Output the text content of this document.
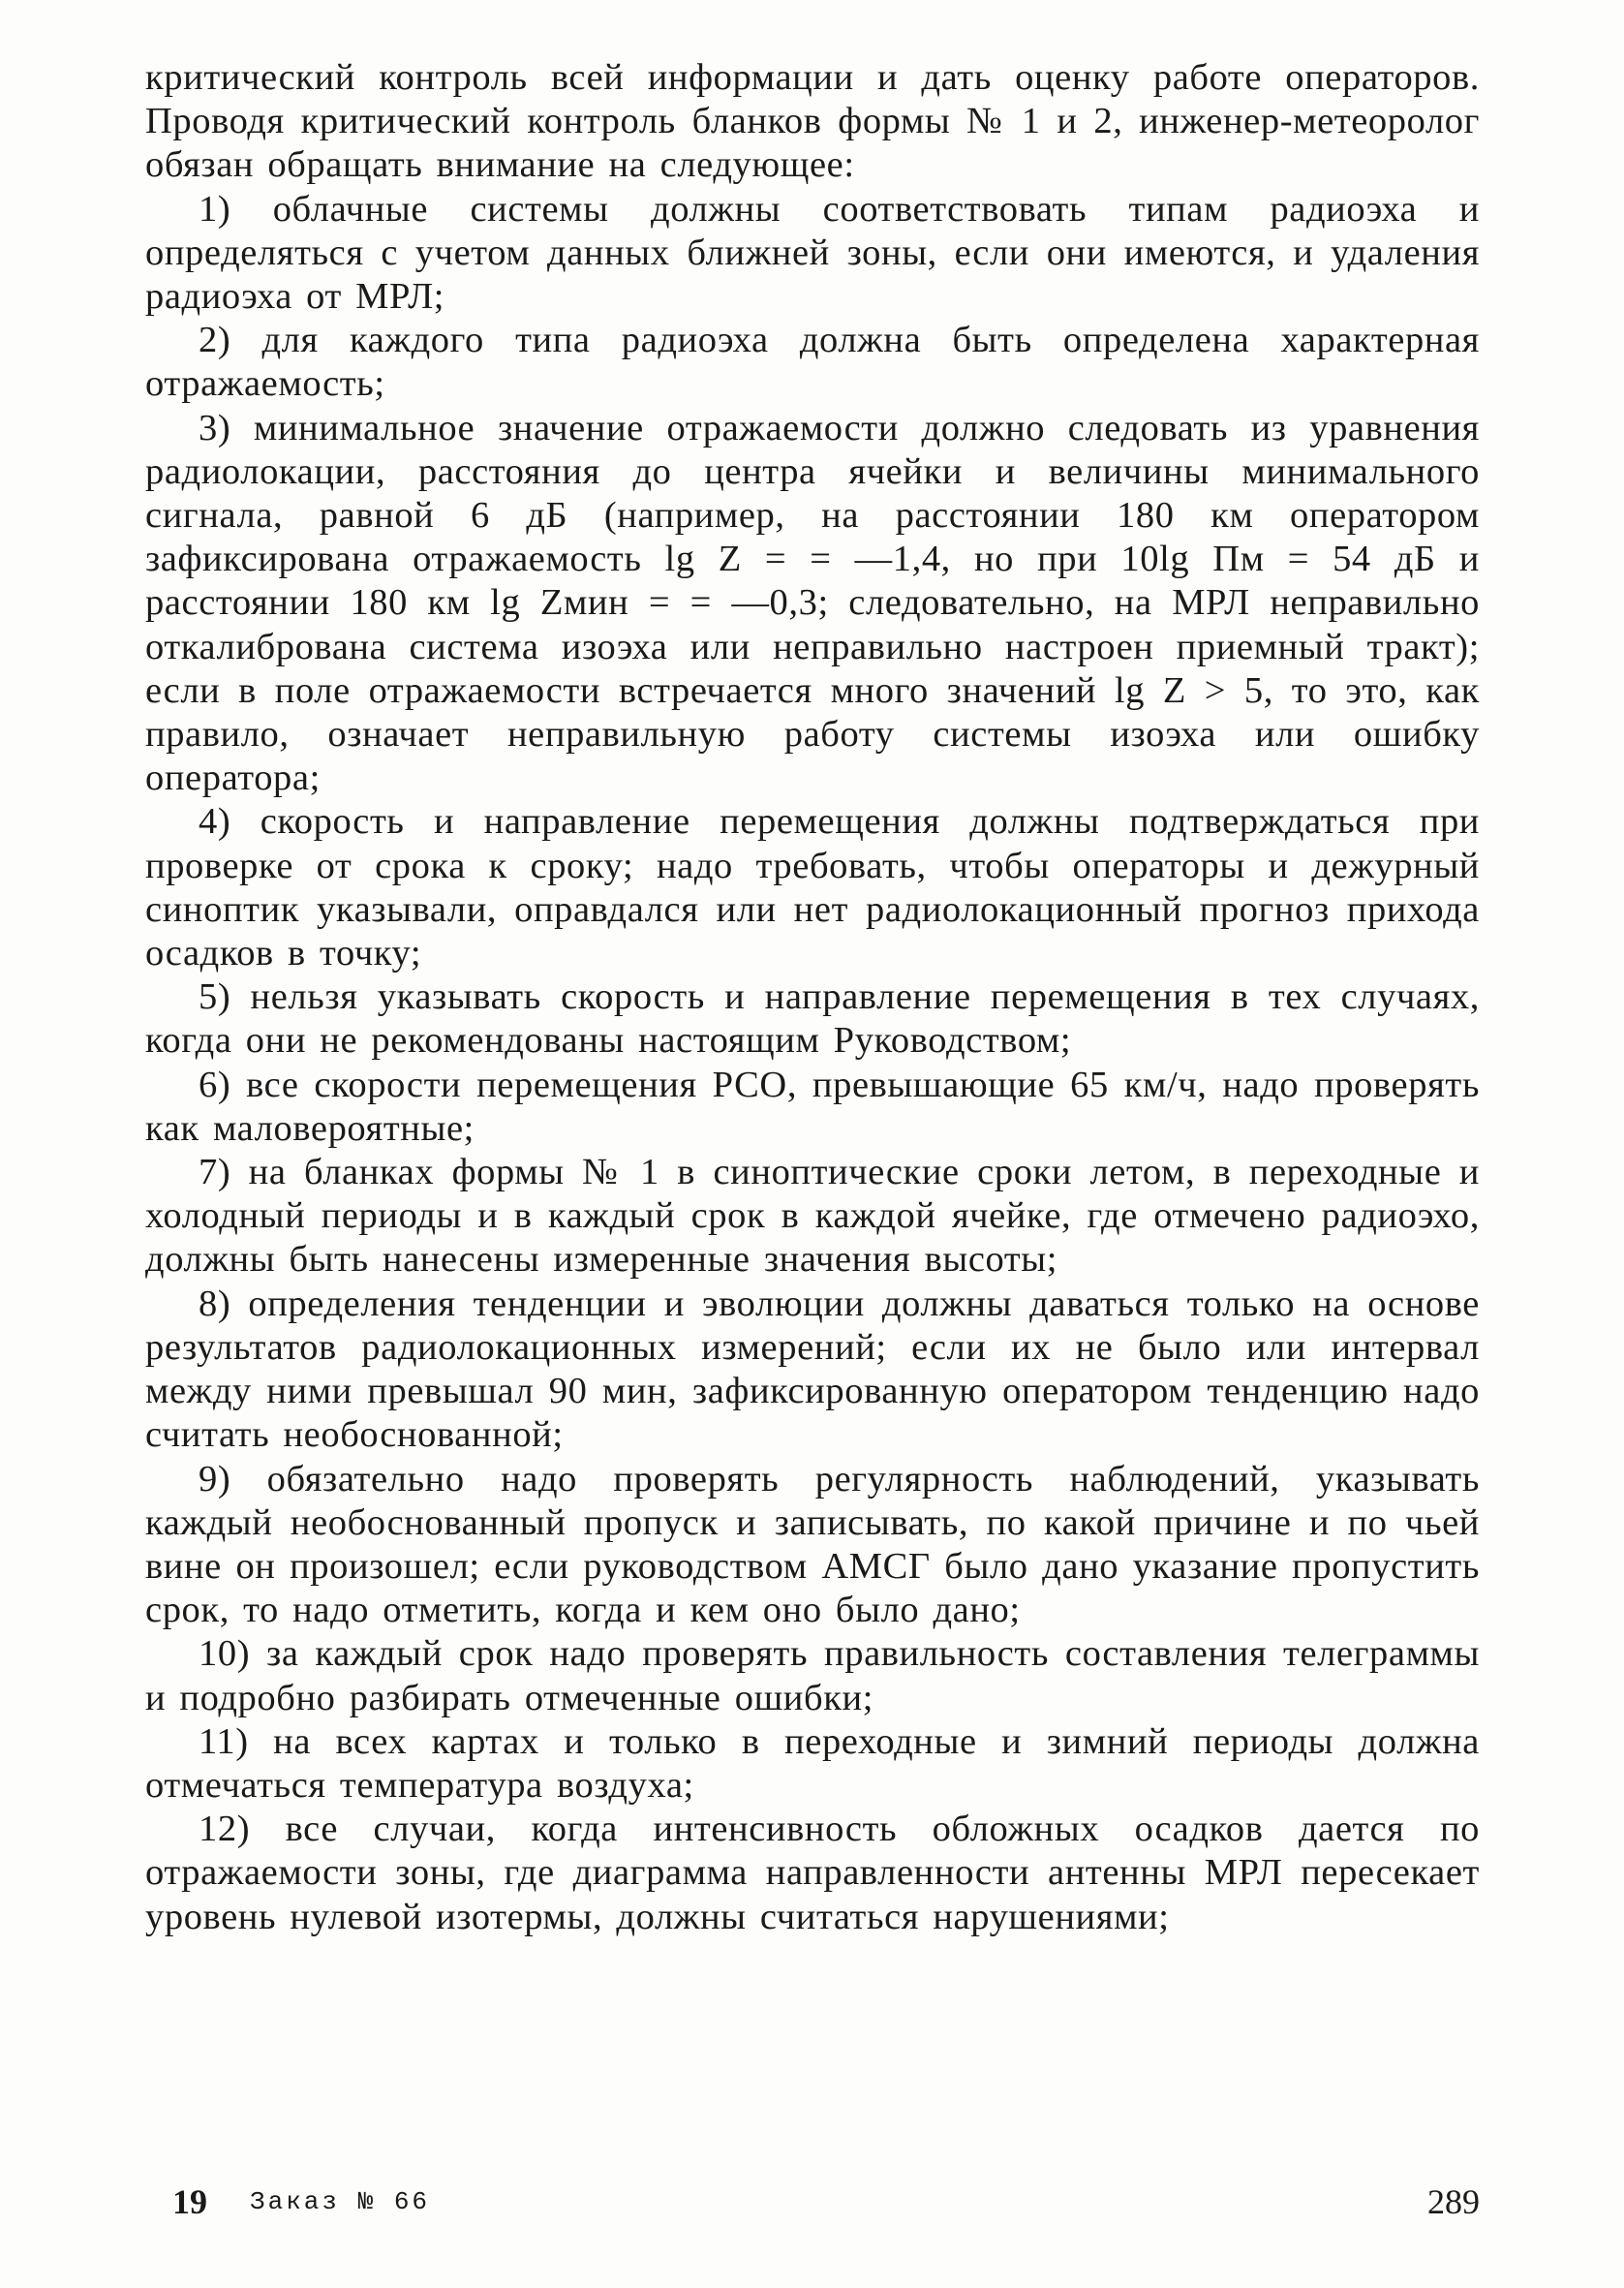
критический контроль всей информации и дать оценку работе операторов. Проводя критический контроль бланков формы № 1 и 2, инженер-метеоролог обязан обращать внимание на следующее:

1) облачные системы должны соответствовать типам радиоэха и определяться с учетом данных ближней зоны, если они имеются, и удаления радиоэха от МРЛ;

2) для каждого типа радиоэха должна быть определена характерная отражаемость;

3) минимальное значение отражаемости должно следовать из уравнения радиолокации, расстояния до центра ячейки и величины минимального сигнала, равной 6 дБ (например, на расстоянии 180 км оператором зафиксирована отражаемость lg Z = = —1,4, но при 10lg Пм = 54 дБ и расстоянии 180 км lg Zмин = = —0,3; следовательно, на МРЛ неправильно откалибрована система изоэха или неправильно настроен приемный тракт); если в поле отражаемости встречается много значений lg Z > 5, то это, как правило, означает неправильную работу системы изоэха или ошибку оператора;

4) скорость и направление перемещения должны подтверждаться при проверке от срока к сроку; надо требовать, чтобы операторы и дежурный синоптик указывали, оправдался или нет радиолокационный прогноз прихода осадков в точку;

5) нельзя указывать скорость и направление перемещения в тех случаях, когда они не рекомендованы настоящим Руководством;

6) все скорости перемещения РСО, превышающие 65 км/ч, надо проверять как маловероятные;

7) на бланках формы № 1 в синоптические сроки летом, в переходные и холодный периоды и в каждый срок в каждой ячейке, где отмечено радиоэхо, должны быть нанесены измеренные значения высоты;

8) определения тенденции и эволюции должны даваться только на основе результатов радиолокационных измерений; если их не было или интервал между ними превышал 90 мин, зафиксированную оператором тенденцию надо считать необоснованной;

9) обязательно надо проверять регулярность наблюдений, указывать каждый необоснованный пропуск и записывать, по какой причине и по чьей вине он произошел; если руководством АМСГ было дано указание пропустить срок, то надо отметить, когда и кем оно было дано;

10) за каждый срок надо проверять правильность составления телеграммы и подробно разбирать отмеченные ошибки;

11) на всех картах и только в переходные и зимний периоды должна отмечаться температура воздуха;

12) все случаи, когда интенсивность обложных осадков дается по отражаемости зоны, где диаграмма направленности антенны МРЛ пересекает уровень нулевой изотермы, должны считаться нарушениями;

19 Заказ № 66	289
